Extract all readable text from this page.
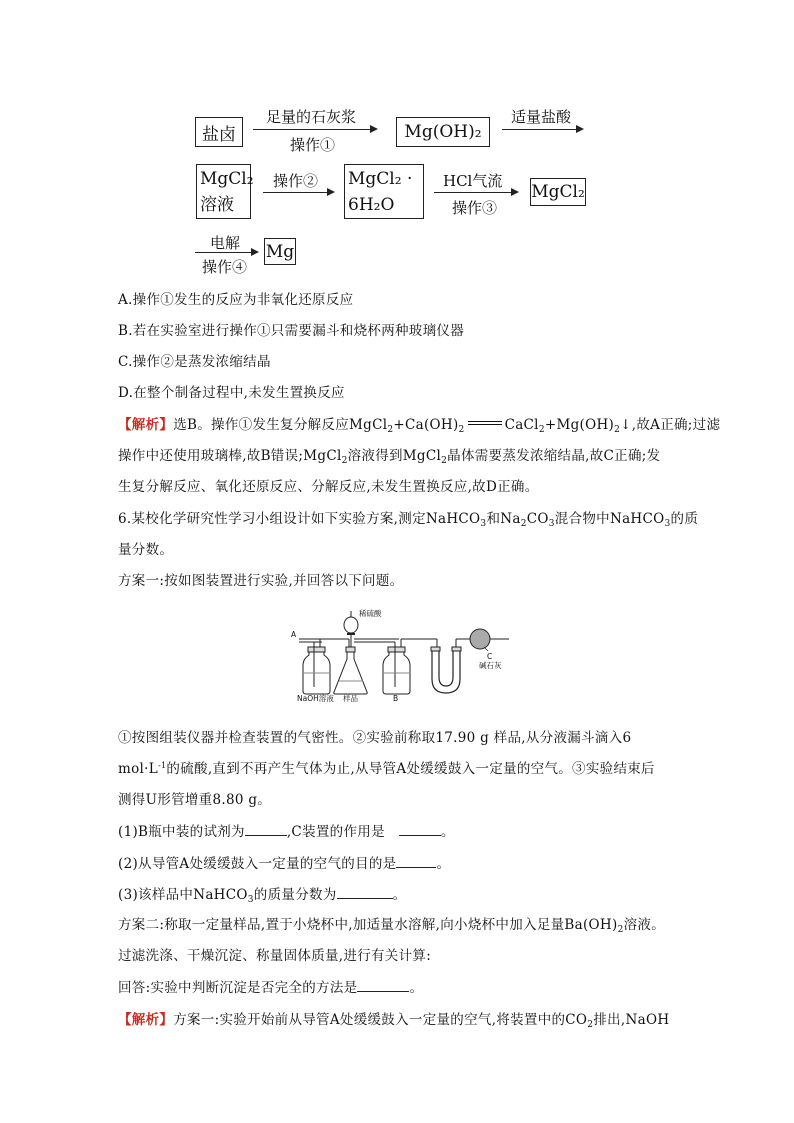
盐卤
足量的石灰浆
操作①
Mg(OH)₂
适量盐酸
MgCl₂
溶液
操作② MgCl₂ ·
6H₂O
HCl气流
操作③
MgCl₂
电解
操作④
Mg
A.操作①发生的反应为非氧化还原反应
B.若在实验室进行操作①只需要漏斗和烧杯两种玻璃仪器
C.操作②是蒸发浓缩结晶
D.在整个制备过程中,未发生置换反应
【解析】选B。操作①发生复分解反应$MgCl_2+Ca(OH)_2$	$CaCl_2+Mg(OH)_2↓$,故A正确;过滤
操作中还使用玻璃棒,故B错误;MgCl$_2$溶液得到MgCl$_2$晶体需要蒸发浓缩结晶,故C正确;发
生复分解反应、氧化还原反应、分解反应,未发生置换反应,故D正确。
6.某校化学研究性学习小组设计如下实验方案,测定NaHCO$_3$和$Na_2CO_3$混合物中NaHCO$_3$的质
量分数。
方案一:按如图装置进行实验,并回答以下问题。
稀硫酸
A
C
碱石灰
NaOH溶液 样品	B
①按图组装仪器并检查装置的气密性。②实验前称取17.90 g 样品,从分液漏斗滴入6
$mol\cdot L^{-1}$的硫酸,直到不再产生气体为止,从导管A处缓缓鼓入一定量的空气。③实验结束后
测得U形管增重8.80 g。
(1)B瓶中装的试剂为	,C装置的作用是	。
(2)从导管A处缓缓鼓入一定量的空气的目的是	。
(3)该样品中NaHCO$_3$的质量分数为	。
方案二:称取一定量样品,置于小烧杯中,加适量水溶解,向小烧杯中加入足量$Ba(OH)_2$溶液。
过滤洗涤、干燥沉淀、称量固体质量,进行有关计算:
回答:实验中判断沉淀是否完全的方法是	。
【解析】方案一:实验开始前从导管A处缓缓鼓入一定量的空气,将装置中的$CO_2$排出,NaOH
